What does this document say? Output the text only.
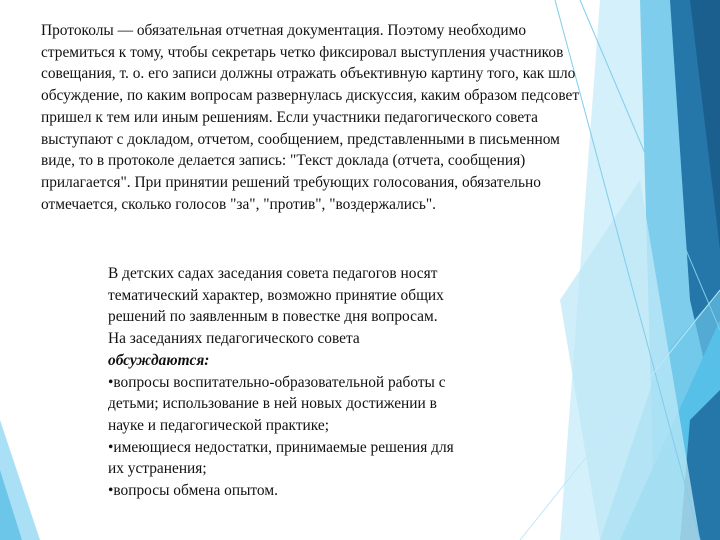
Протоколы — обязательная отчетная документация. Поэтому необходимо
стремиться к тому, чтобы секретарь четко фиксировал выступления участников
совещания, т. о. его записи должны отражать объективную картину того, как шло
обсуждение, по каким вопросам развернулась дискуссия, каким образом педсовет
пришел к тем или иным решениям. Если участники педагогического совета
выступают с докладом, отчетом, сообщением, представленными в письменном
виде, то в протоколе делается запись: "Текст доклада (отчета, сообщения)
прилагается". При принятии решений требующих голосования, обязательно
отмечается, сколько голосов "за", "против", "воздержались".
В детских садах заседания совета педагогов носят
тематический характер, возможно принятие общих
решений по заявленным в повестке дня вопросам.
На заседаниях педагогического совета
обсуждаются:
•вопросы воспитательно-образовательной работы с
детьми; использование в ней новых достижении в
науке и педагогической практике;
•имеющиеся недостатки, принимаемые решения для
их устранения;
•вопросы обмена опытом.
